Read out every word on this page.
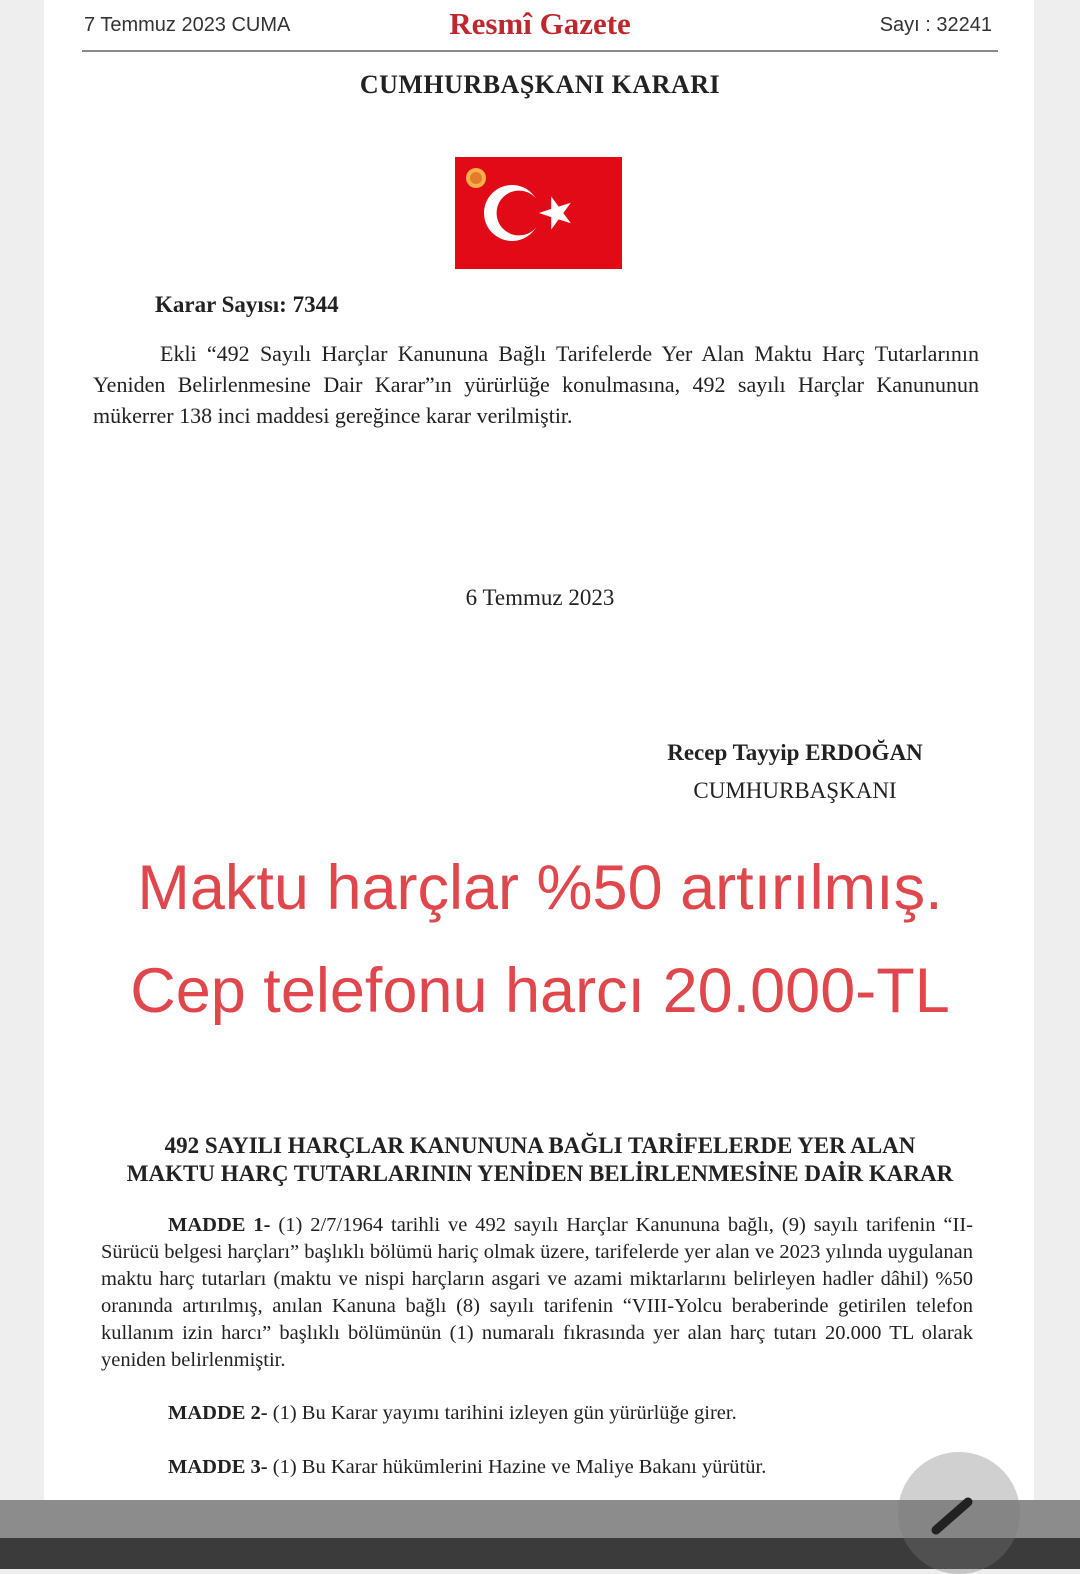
7 Temmuz 2023 CUMA	Resmî Gazete	Sayı : 32241
CUMHURBAŞKANI KARARI
Karar Sayısı: 7344

Ekli “492 Sayılı Harçlar Kanununa Bağlı Tarifelerde Yer Alan Maktu Harç Tutarlarının Yeniden Belirlenmesine Dair Karar”ın yürürlüğe konulmasına, 492 sayılı Harçlar Kanununun mükerrer 138 inci maddesi gereğince karar verilmiştir.

6 Temmuz 2023
Recep Tayyip ERDOĞAN
CUMHURBAŞKANI
Maktu harçlar %50 artırılmış.
Cep telefonu harcı 20.000-TL
492 SAYILI HARÇLAR KANUNUNA BAĞLI TARİFELERDE YER ALAN
MAKTU HARÇ TUTARLARININ YENİDEN BELİRLENMESİNE DAİR KARAR

MADDE 1- (1) 2/7/1964 tarihli ve 492 sayılı Harçlar Kanununa bağlı, (9) sayılı tarifenin “II- Sürücü belgesi harçları” başlıklı bölümü hariç olmak üzere, tarifelerde yer alan ve 2023 yılında uygulanan maktu harç tutarları (maktu ve nispi harçların asgari ve azami miktarlarını belirleyen hadler dâhil) %50 oranında artırılmış, anılan Kanuna bağlı (8) sayılı tarifenin “VIII-Yolcu beraberinde getirilen telefon kullanım izin harcı” başlıklı bölümünün (1) numaralı fıkrasında yer alan harç tutarı 20.000 TL olarak yeniden belirlenmiştir.

MADDE 2- (1) Bu Karar yayımı tarihini izleyen gün yürürlüğe girer.

MADDE 3- (1) Bu Karar hükümlerini Hazine ve Maliye Bakanı yürütür.
